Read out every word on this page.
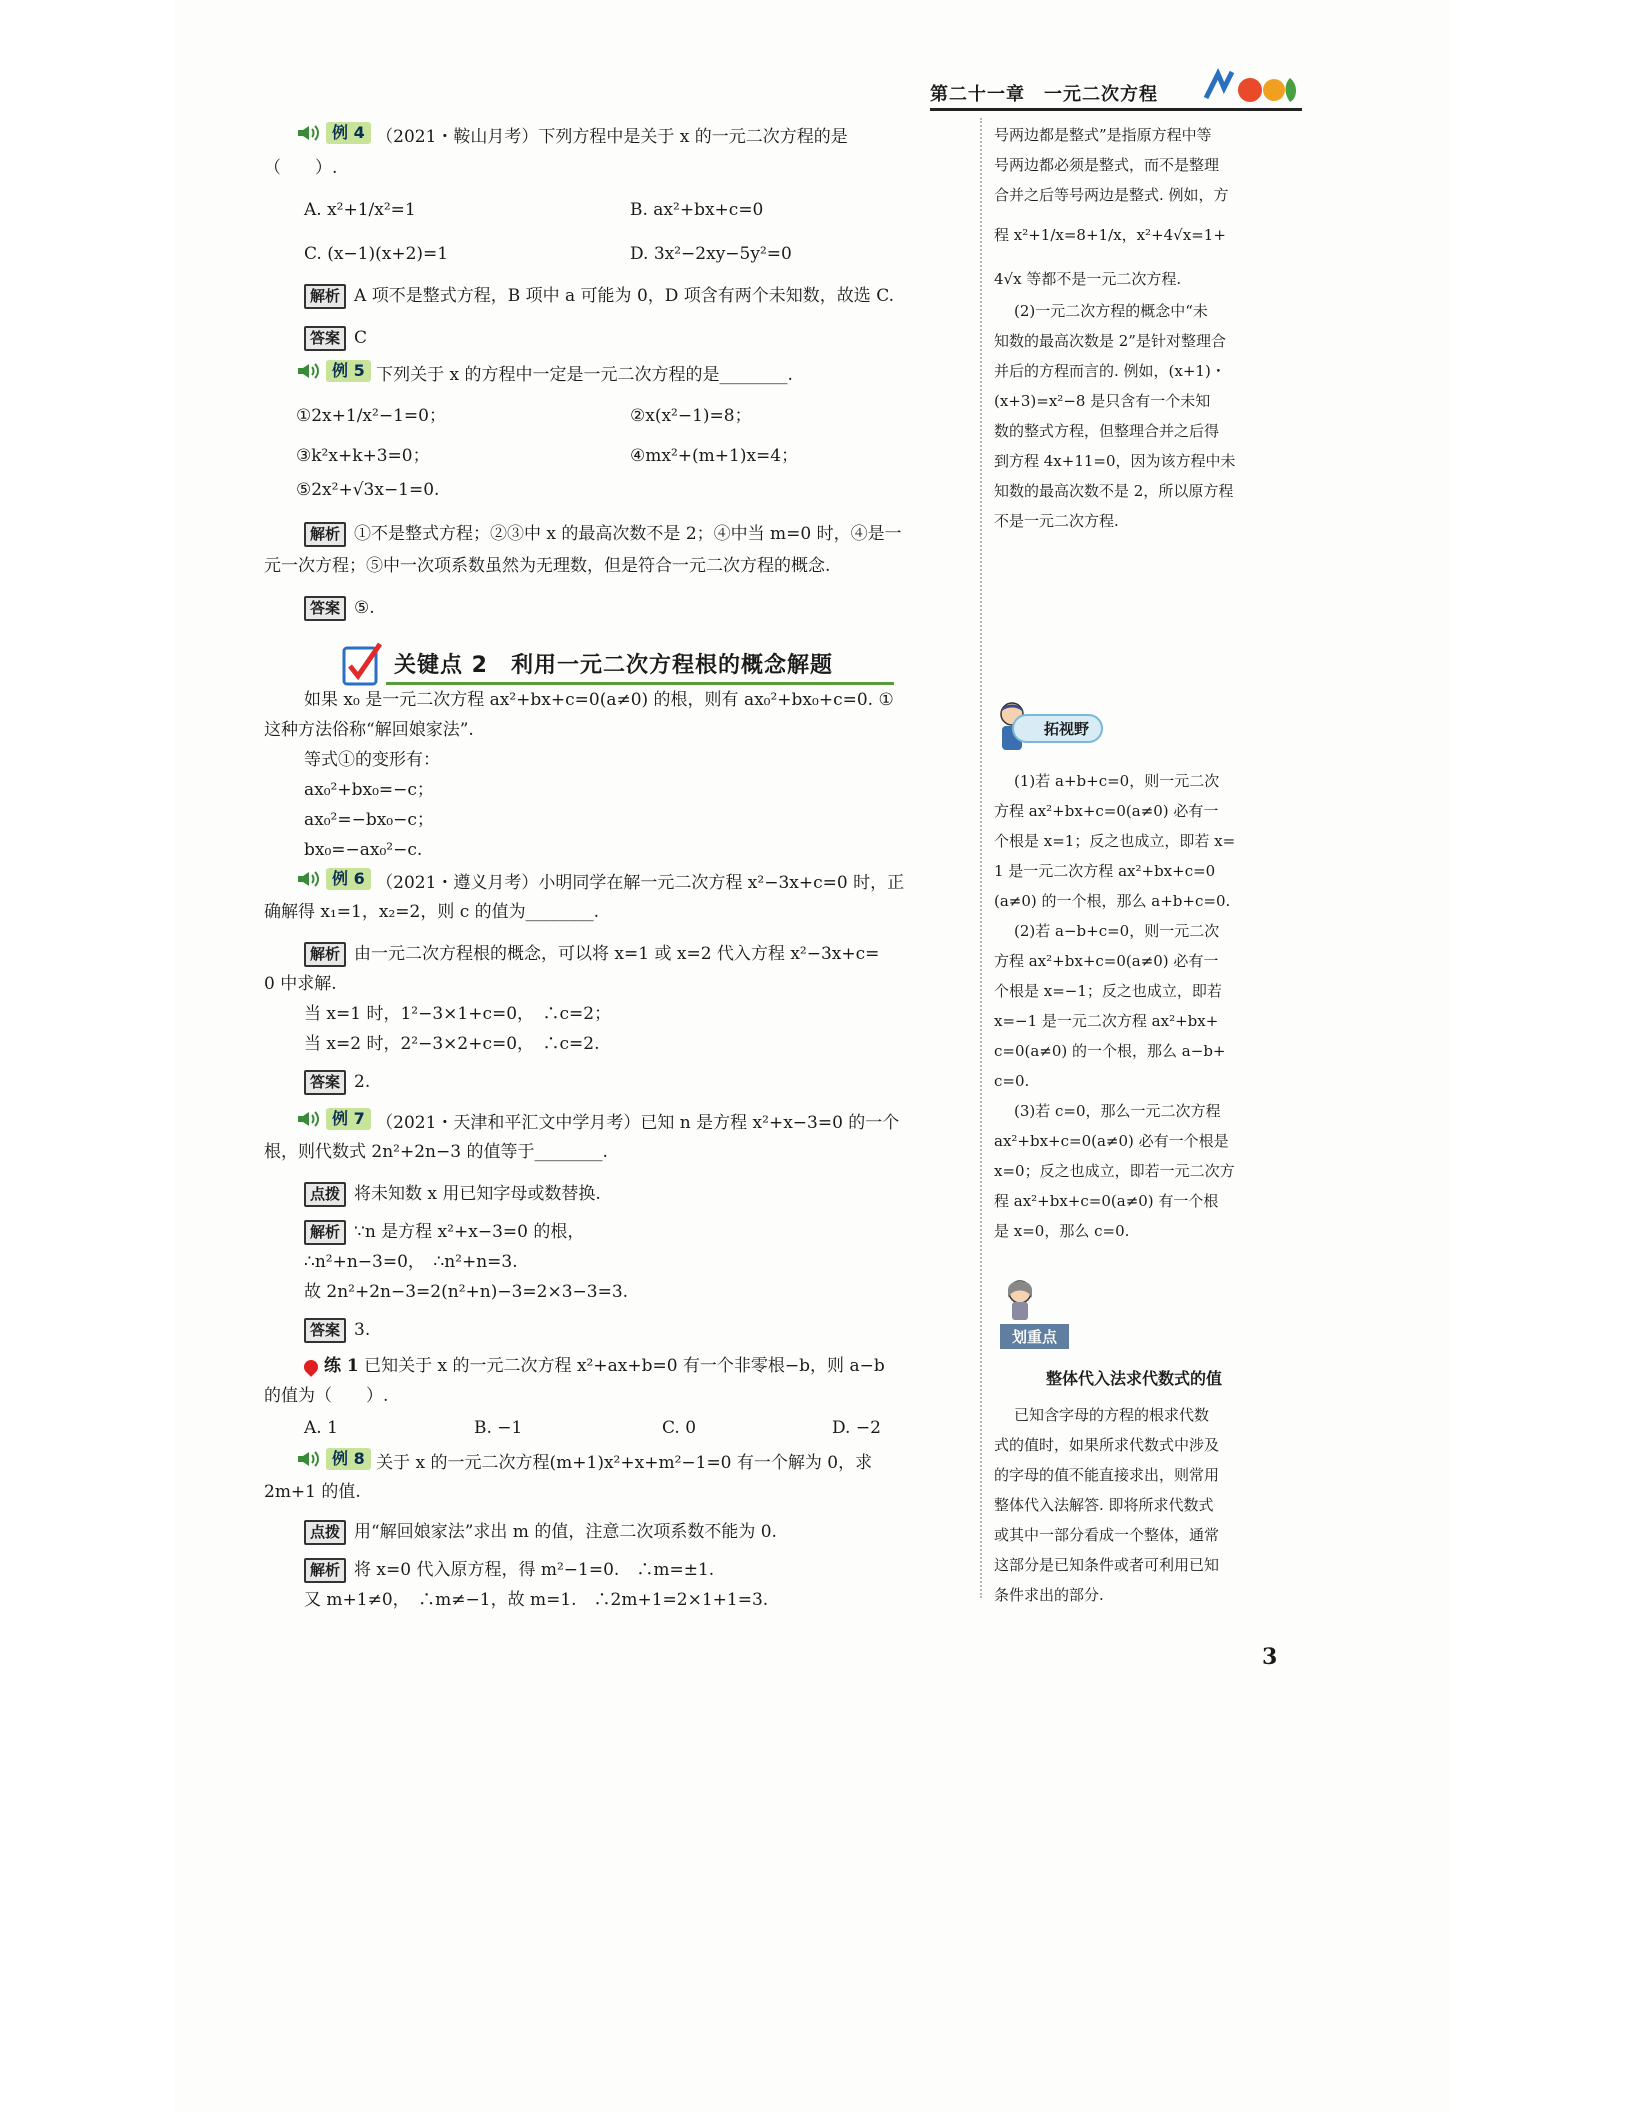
第二十一章　一元二次方程
例 4 （2021・鞍山月考）下列方程中是关于 x 的一元二次方程的是
（　　）.
A. x²+1/x²=1	B. ax²+bx+c=0
C. (x−1)(x+2)=1	D. 3x²−2xy−5y²=0
解析 A 项不是整式方程，B 项中 a 可能为 0，D 项含有两个未知数，故选 C.
答案 C
例 5 下列关于 x 的方程中一定是一元二次方程的是________.
①2x+1/x²−1=0；	②x(x²−1)=8；
③k²x+k+3=0；	④mx²+(m+1)x=4；
⑤2x²+√3x−1=0.
解析 ①不是整式方程；②③中 x 的最高次数不是 2；④中当 m=0 时，④是一
元一次方程；⑤中一次项系数虽然为无理数，但是符合一元二次方程的概念.
答案 ⑤.
如果 x₀ 是一元二次方程 ax²+bx+c=0(a≠0) 的根，则有 ax₀²+bx₀+c=0. ①
这种方法俗称“解回娘家法”.
等式①的变形有：
ax₀²+bx₀=−c；
ax₀²=−bx₀−c；
bx₀=−ax₀²−c.
例 6 （2021・遵义月考）小明同学在解一元二次方程 x²−3x+c=0 时，正
确解得 x₁=1，x₂=2，则 c 的值为________.
解析 由一元二次方程根的概念，可以将 x=1 或 x=2 代入方程 x²−3x+c=
0 中求解.
当 x=1 时，1²−3×1+c=0，　∴c=2；
当 x=2 时，2²−3×2+c=0，　∴c=2.
答案 2.
例 7 （2021・天津和平汇文中学月考）已知 n 是方程 x²+x−3=0 的一个
根，则代数式 2n²+2n−3 的值等于________.
点拨 将未知数 x 用已知字母或数替换.
解析 ∵n 是方程 x²+x−3=0 的根，
∴n²+n−3=0，　∴n²+n=3.
故 2n²+2n−3=2(n²+n)−3=2×3−3=3.
答案 3.
练 1 已知关于 x 的一元二次方程 x²+ax+b=0 有一个非零根−b，则 a−b
的值为（　　）.
A. 1	B. −1	C. 0	D. −2
例 8 关于 x 的一元二次方程(m+1)x²+x+m²−1=0 有一个解为 0，求
2m+1 的值.
点拨 用“解回娘家法”求出 m 的值，注意二次项系数不能为 0.
解析 将 x=0 代入原方程，得 m²−1=0.　∴m=±1.
又 m+1≠0，　∴m≠−1，故 m=1.　∴2m+1=2×1+1=3.
关键点 2　利用一元二次方程根的概念解题
号两边都是整式”是指原方程中等
号两边都必须是整式，而不是整理
合并之后等号两边是整式. 例如，方
程 x²+1/x=8+1/x，x²+4√x=1+
4√x 等都不是一元二次方程.
(2)一元二次方程的概念中“未
知数的最高次数是 2”是针对整理合
并后的方程而言的. 例如，(x+1)・
(x+3)=x²−8 是只含有一个未知
数的整式方程，但整理合并之后得
到方程 4x+11=0，因为该方程中未
知数的最高次数不是 2，所以原方程
不是一元二次方程.
(1)若 a+b+c=0，则一元二次
方程 ax²+bx+c=0(a≠0) 必有一
个根是 x=1；反之也成立，即若 x=
1 是一元二次方程 ax²+bx+c=0
(a≠0) 的一个根，那么 a+b+c=0.
(2)若 a−b+c=0，则一元二次
方程 ax²+bx+c=0(a≠0) 必有一
个根是 x=−1；反之也成立，即若
x=−1 是一元二次方程 ax²+bx+
c=0(a≠0) 的一个根，那么 a−b+
c=0.
(3)若 c=0，那么一元二次方程
ax²+bx+c=0(a≠0) 必有一个根是
x=0；反之也成立，即若一元二次方
程 ax²+bx+c=0(a≠0) 有一个根
是 x=0，那么 c=0.
已知含字母的方程的根求代数
式的值时，如果所求代数式中涉及
的字母的值不能直接求出，则常用
整体代入法解答. 即将所求代数式
或其中一部分看成一个整体，通常
这部分是已知条件或者可利用已知
条件求出的部分.
拓视野
划重点
整体代入法求代数式的值
3
